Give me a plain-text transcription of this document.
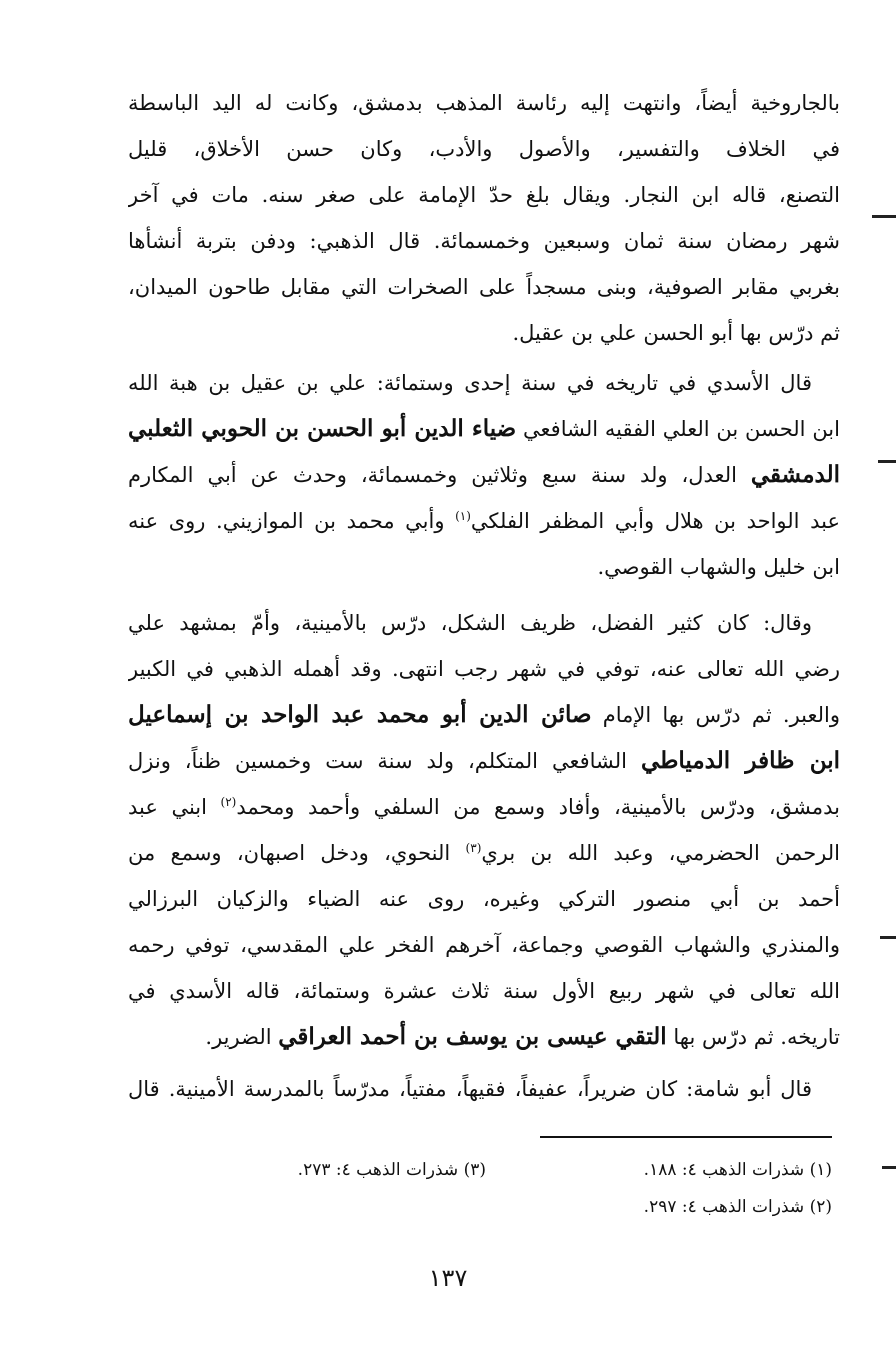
بالجاروخية أيضاً، وانتهت إليه رئاسة المذهب بدمشق، وكانت له اليد الباسطة
في الخلاف والتفسير، والأصول والأدب، وكان حسن الأخلاق، قليل
التصنع، قاله ابن النجار. ويقال بلغ حدّ الإمامة على صغر سنه. مات في آخر
شهر رمضان سنة ثمان وسبعين وخمسمائة. قال الذهبي: ودفن بتربة أنشأها
بغربي مقابر الصوفية، وبنى مسجداً على الصخرات التي مقابل طاحون الميدان،
ثم درّس بها أبو الحسن علي بن عقيل.
قال الأسدي في تاريخه في سنة إحدى وستمائة: علي بن عقيل بن هبة الله
ابن الحسن بن العلي الفقيه الشافعي ضياء الدين أبو الحسن بن الحوبي الثعلبي
الدمشقي العدل، ولد سنة سبع وثلاثين وخمسمائة، وحدث عن أبي المكارم
عبد الواحد بن هلال وأبي المظفر الفلكي$^{(١)}$ وأبي محمد بن الموازيني. روى عنه
ابن خليل والشهاب القوصي.
وقال: كان كثير الفضل، ظريف الشكل، درّس بالأمينية، وأمّ بمشهد علي
رضي الله تعالى عنه، توفي في شهر رجب انتهى. وقد أهمله الذهبي في الكبير
والعبر. ثم درّس بها الإمام صائن الدين أبو محمد عبد الواحد بن إسماعيل
ابن ظافر الدمياطي الشافعي المتكلم، ولد سنة ست وخمسين ظناً، ونزل
بدمشق، ودرّس بالأمينية، وأفاد وسمع من السلفي وأحمد ومحمد$^{(٢)}$ ابني عبد
الرحمن الحضرمي، وعبد الله بن بري$^{(٣)}$ النحوي، ودخل اصبهان، وسمع من
أحمد بن أبي منصور التركي وغيره، روى عنه الضياء والزكيان البرزالي
والمنذري والشهاب القوصي وجماعة، آخرهم الفخر علي المقدسي، توفي رحمه
الله تعالى في شهر ربيع الأول سنة ثلاث عشرة وستمائة، قاله الأسدي في
تاريخه. ثم درّس بها التقي عيسى بن يوسف بن أحمد العراقي الضرير.
قال أبو شامة: كان ضريراً، عفيفاً، فقيهاً، مفتياً، مدرّساً بالمدرسة الأمينية. قال
(١) شذرات الذهب ٤: ١٨٨.
(٢) شذرات الذهب ٤: ٢٩٧.
(٣) شذرات الذهب ٤: ٢٧٣.
١٣٧
